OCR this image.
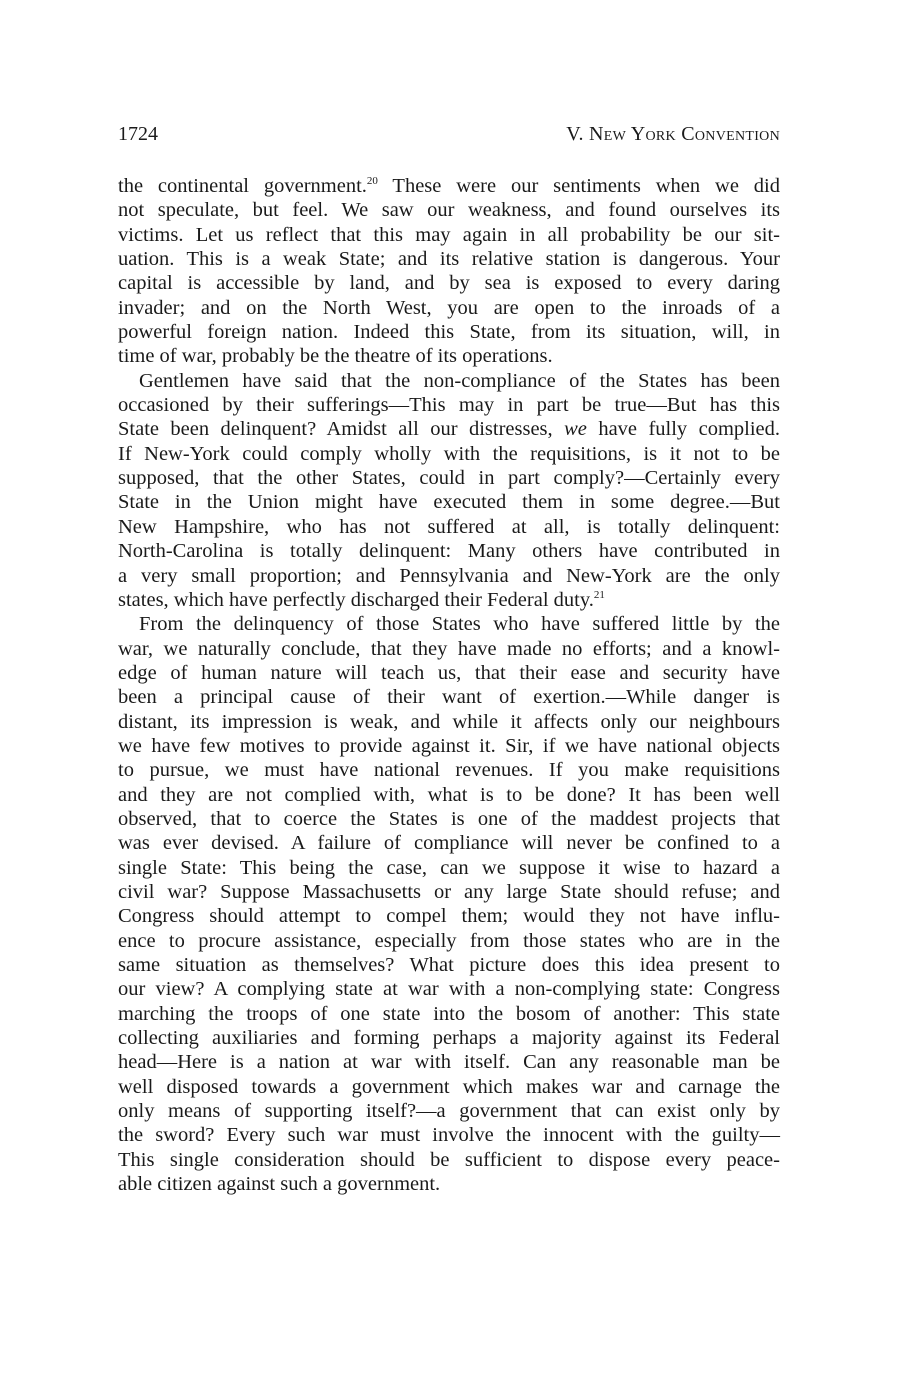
1724	V. New York Convention
the continental government.$^{20}$ These were our sentiments when we did
not speculate, but feel. We saw our weakness, and found ourselves its
victims. Let us reflect that this may again in all probability be our sit-
uation. This is a weak State; and its relative station is dangerous. Your
capital is accessible by land, and by sea is exposed to every daring
invader; and on the North West, you are open to the inroads of a
powerful foreign nation. Indeed this State, from its situation, will, in
time of war, probably be the theatre of its operations.
Gentlemen have said that the non-compliance of the States has been
occasioned by their sufferings—This may in part be true—But has this
State been delinquent? Amidst all our distresses, we have fully complied.
If New-York could comply wholly with the requisitions, is it not to be
supposed, that the other States, could in part comply?—Certainly every
State in the Union might have executed them in some degree.—But
New Hampshire, who has not suffered at all, is totally delinquent:
North-Carolina is totally delinquent: Many others have contributed in
a very small proportion; and Pennsylvania and New-York are the only
states, which have perfectly discharged their Federal duty.$^{21}$
From the delinquency of those States who have suffered little by the
war, we naturally conclude, that they have made no efforts; and a knowl-
edge of human nature will teach us, that their ease and security have
been a principal cause of their want of exertion.—While danger is
distant, its impression is weak, and while it affects only our neighbours
we have few motives to provide against it. Sir, if we have national objects
to pursue, we must have national revenues. If you make requisitions
and they are not complied with, what is to be done? It has been well
observed, that to coerce the States is one of the maddest projects that
was ever devised. A failure of compliance will never be confined to a
single State: This being the case, can we suppose it wise to hazard a
civil war? Suppose Massachusetts or any large State should refuse; and
Congress should attempt to compel them; would they not have influ-
ence to procure assistance, especially from those states who are in the
same situation as themselves? What picture does this idea present to
our view? A complying state at war with a non-complying state: Congress
marching the troops of one state into the bosom of another: This state
collecting auxiliaries and forming perhaps a majority against its Federal
head—Here is a nation at war with itself. Can any reasonable man be
well disposed towards a government which makes war and carnage the
only means of supporting itself?—a government that can exist only by
the sword? Every such war must involve the innocent with the guilty—
This single consideration should be sufficient to dispose every peace-
able citizen against such a government.
